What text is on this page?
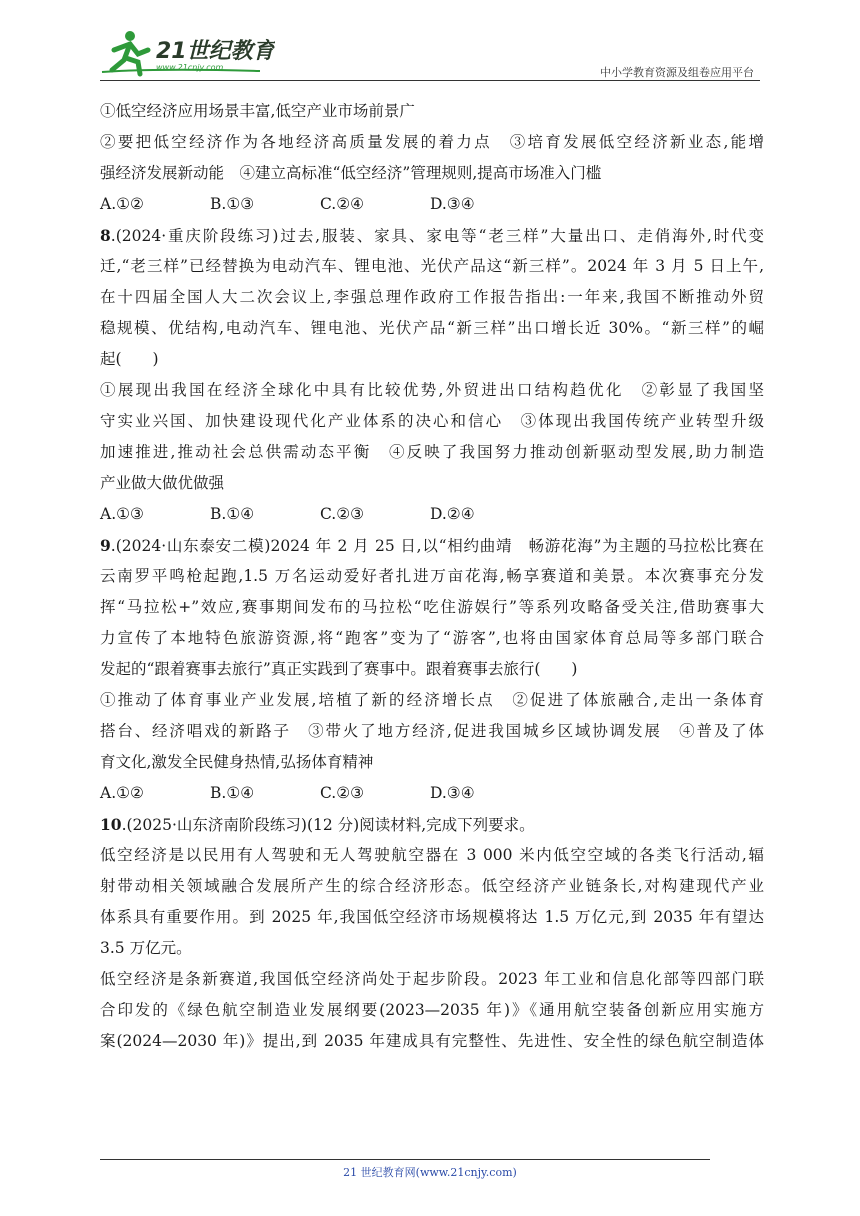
21世纪教育
www.21cnjy.com	中小学教育资源及组卷应用平台
①低空经济应用场景丰富,低空产业市场前景广
②要把低空经济作为各地经济高质量发展的着力点　③培育发展低空经济新业态,能增
强经济发展新动能　④建立高标准“低空经济”管理规则,提高市场准入门槛
A.①②	B.①③	C.②④	D.③④
8.(2024·重庆阶段练习)过去,服装、家具、家电等“老三样”大量出口、走俏海外,时代变
迁,“老三样”已经替换为电动汽车、锂电池、光伏产品这“新三样”。2024 年 3 月 5 日上午,
在十四届全国人大二次会议上,李强总理作政府工作报告指出:一年来,我国不断推动外贸
稳规模、优结构,电动汽车、锂电池、光伏产品“新三样”出口增长近 30%。“新三样”的崛
起(　　)
①展现出我国在经济全球化中具有比较优势,外贸进出口结构趋优化　②彰显了我国坚
守实业兴国、加快建设现代化产业体系的决心和信心　③体现出我国传统产业转型升级
加速推进,推动社会总供需动态平衡　④反映了我国努力推动创新驱动型发展,助力制造
产业做大做优做强
A.①③	B.①④	C.②③	D.②④
9.(2024·山东泰安二模)2024 年 2 月 25 日,以“相约曲靖　畅游花海”为主题的马拉松比赛在
云南罗平鸣枪起跑,1.5 万名运动爱好者扎进万亩花海,畅享赛道和美景。本次赛事充分发
挥“马拉松+”效应,赛事期间发布的马拉松“吃住游娱行”等系列攻略备受关注,借助赛事大
力宣传了本地特色旅游资源,将“跑客”变为了“游客”,也将由国家体育总局等多部门联合
发起的“跟着赛事去旅行”真正实践到了赛事中。跟着赛事去旅行(　　)
①推动了体育事业产业发展,培植了新的经济增长点　②促进了体旅融合,走出一条体育
搭台、经济唱戏的新路子　③带火了地方经济,促进我国城乡区域协调发展　④普及了体
育文化,激发全民健身热情,弘扬体育精神
A.①②	B.①④	C.②③	D.③④
10.(2025·山东济南阶段练习)(12 分)阅读材料,完成下列要求。
低空经济是以民用有人驾驶和无人驾驶航空器在 3 000 米内低空空域的各类飞行活动,辐
射带动相关领域融合发展所产生的综合经济形态。低空经济产业链条长,对构建现代产业
体系具有重要作用。到 2025 年,我国低空经济市场规模将达 1.5 万亿元,到 2035 年有望达
3.5 万亿元。
低空经济是条新赛道,我国低空经济尚处于起步阶段。2023 年工业和信息化部等四部门联
合印发的《绿色航空制造业发展纲要(2023—2035 年)》《通用航空装备创新应用实施方
案(2024—2030 年)》提出,到 2035 年建成具有完整性、先进性、安全性的绿色航空制造体
21 世纪教育网(www.21cnjy.com)
